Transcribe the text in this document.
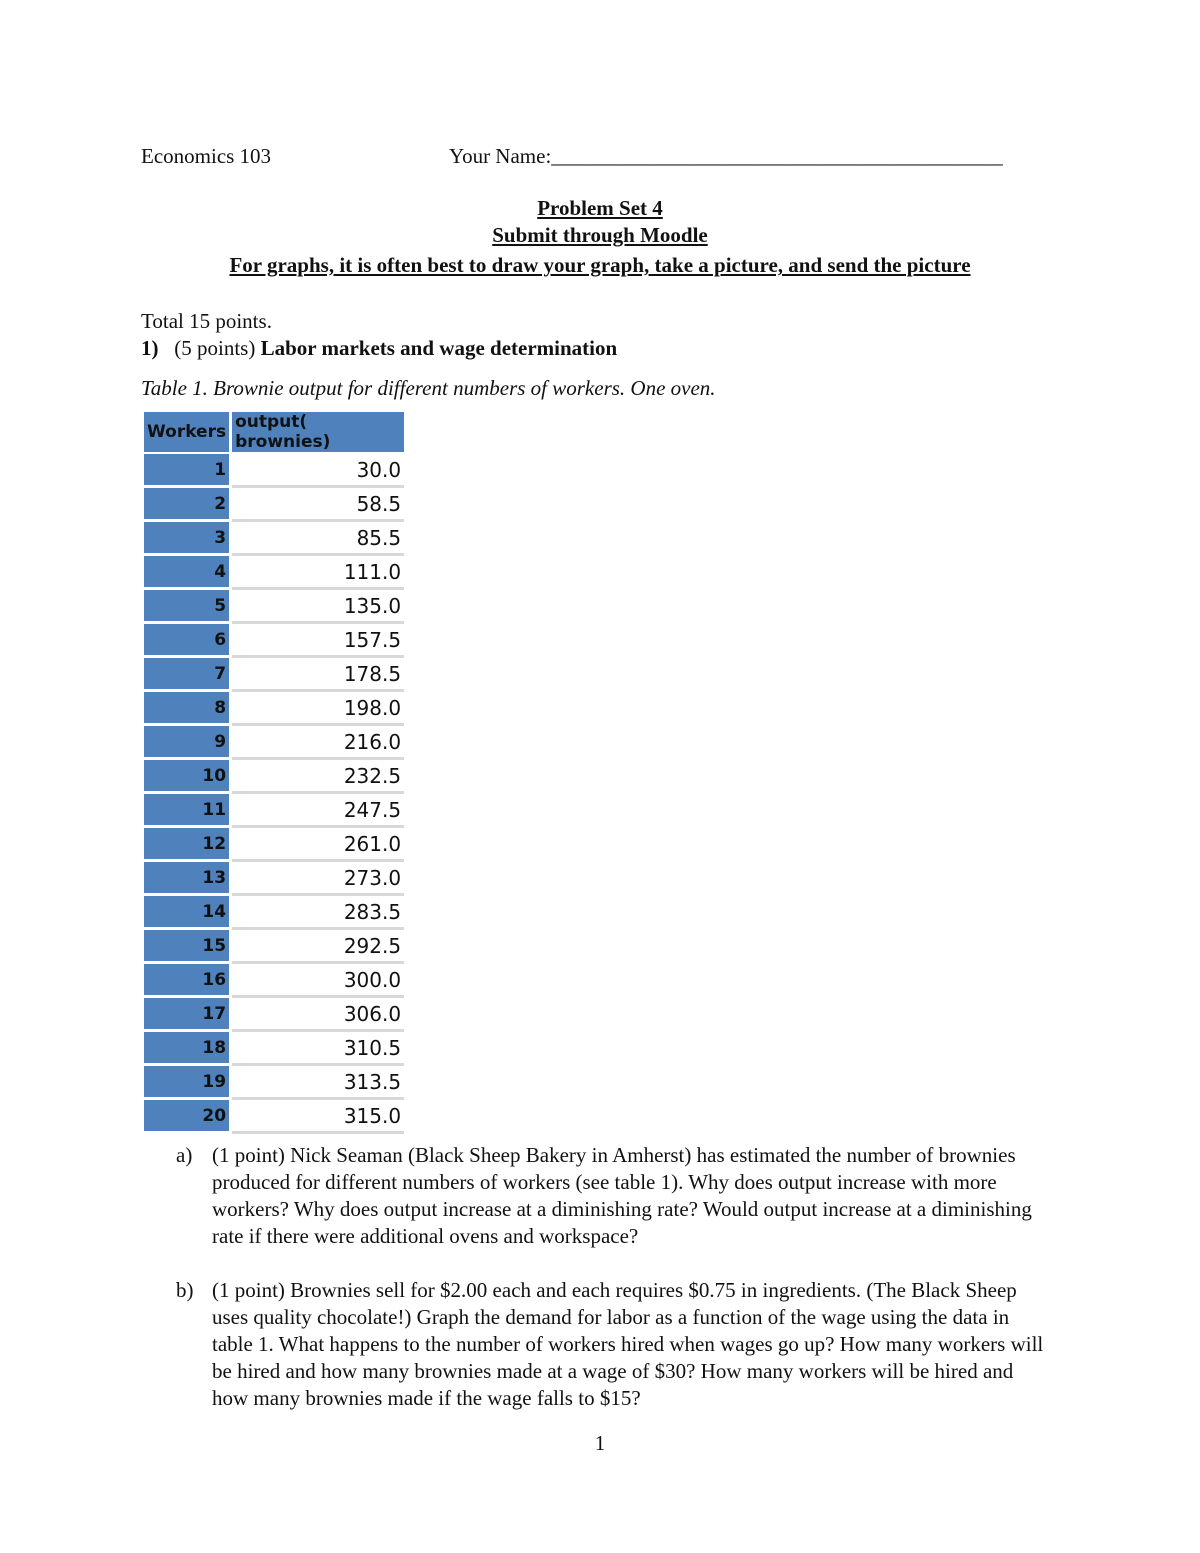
Economics 103	Your Name:___________________________________________
Problem Set 4
Submit through Moodle
For graphs, it is often best to draw your graph, take a picture, and send the picture
Total 15 points.
1) (5 points) Labor markets and wage determination
Table 1. Brownie output for different numbers of workers. One oven.
Workers	output( brownies)
1	30.0
2	58.5
3	85.5
4	111.0
5	135.0
6	157.5
7	178.5
8	198.0
9	216.0
10	232.5
11	247.5
12	261.0
13	273.0
14	283.5
15	292.5
16	300.0
17	306.0
18	310.5
19	313.5
20	315.0
a) (1 point) Nick Seaman (Black Sheep Bakery in Amherst) has estimated the number of brownies produced for different numbers of workers (see table 1). Why does output increase with more workers? Why does output increase at a diminishing rate? Would output increase at a diminishing rate if there were additional ovens and workspace?
b) (1 point) Brownies sell for $2.00 each and each requires $0.75 in ingredients. (The Black Sheep uses quality chocolate!) Graph the demand for labor as a function of the wage using the data in table 1. What happens to the number of workers hired when wages go up? How many workers will be hired and how many brownies made at a wage of $30? How many workers will be hired and how many brownies made if the wage falls to $15?
1
